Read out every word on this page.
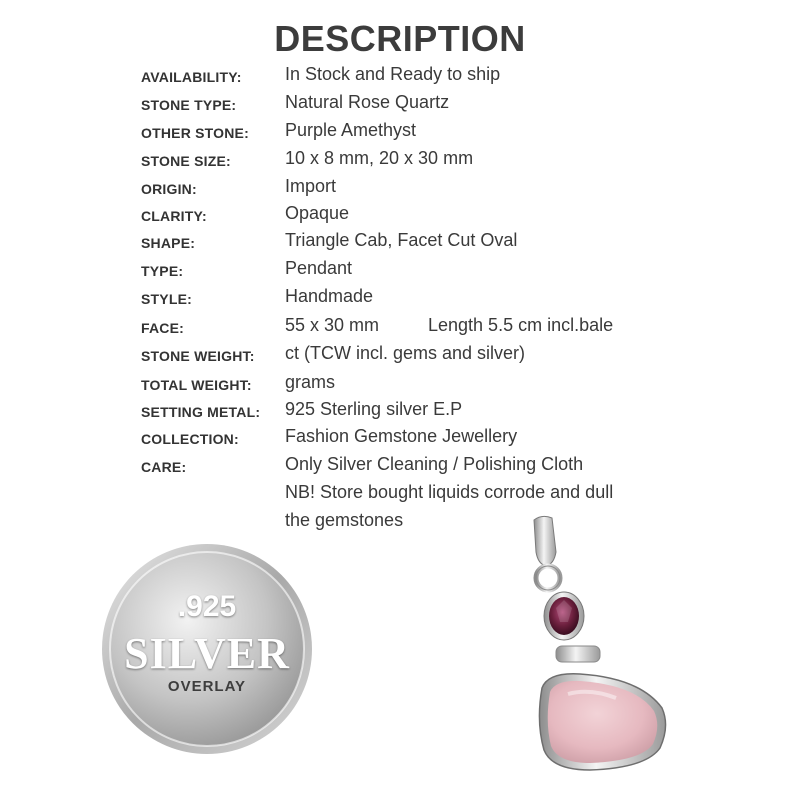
DESCRIPTION
AVAILABILITY: In Stock and Ready to ship
STONE TYPE:	Natural Rose Quartz
OTHER STONE: Purple Amethyst
STONE SIZE:	10 x 8 mm, 20 x 30 mm
ORIGIN:	Import
CLARITY:	Opaque
SHAPE:	Triangle Cab, Facet Cut Oval
TYPE:	Pendant
STYLE:	Handmade
FACE:	55 x 30 mm	Length 5.5 cm incl.bale
STONE WEIGHT: ct (TCW incl. gems and silver)
TOTAL WEIGHT: grams
SETTING METAL: 925 Sterling silver E.P
COLLECTION:	Fashion Gemstone Jewellery
CARE:	Only Silver Cleaning / Polishing Cloth
NB! Store bought liquids corrode and dull
the gemstones
.925
SILVER
OVERLAY
